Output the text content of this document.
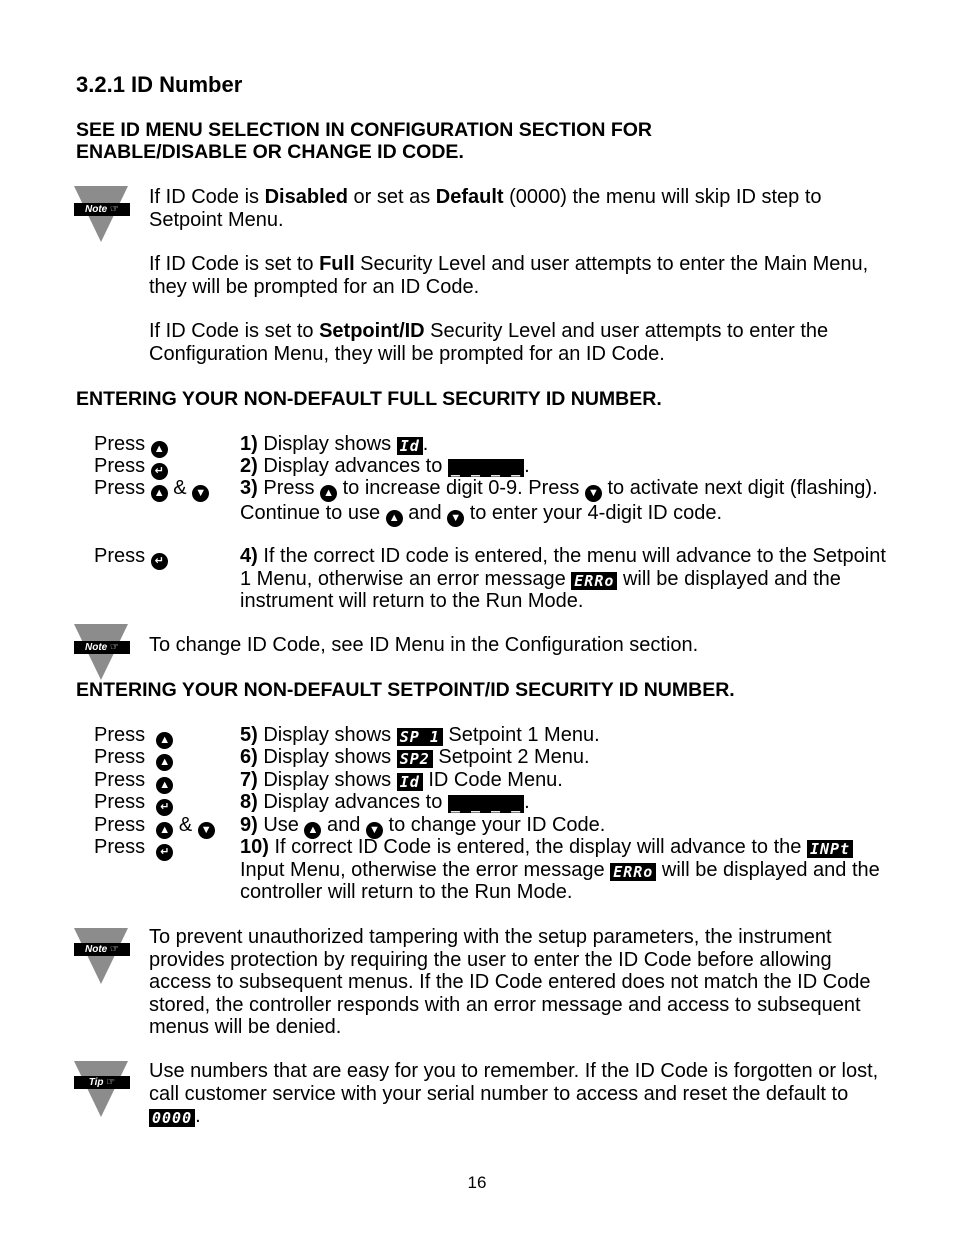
3.2.1 ID Number
SEE ID MENU SELECTION IN CONFIGURATION SECTION FOR
ENABLE/DISABLE OR CHANGE ID CODE.
Note ☞
If ID Code is Disabled or set as Default (0000) the menu will skip ID step to Setpoint Menu.
If ID Code is set to Full Security Level and user attempts to enter the Main Menu, they will be prompted for an ID Code.
If ID Code is set to Setpoint/ID Security Level and user attempts to enter the Configuration Menu, they will be prompted for an ID Code.
ENTERING YOUR NON-DEFAULT FULL SECURITY ID NUMBER.
Press ▲	1) Display shows Id .
Press ↵	2) Display advances to _ _ _ _ .
Press ▲ & ▼ 3) Press ▲ to increase digit 0-9. Press ▼ to activate next digit (flashing). Continue to use ▲ and ▼ to enter your 4-digit ID code.
Press ↵	4) If the correct ID code is entered, the menu will advance to the Setpoint 1 Menu, otherwise an error message ERRo will be displayed and the instrument will return to the Run Mode.
Note ☞	To change ID Code, see ID Menu in the Configuration section.
ENTERING YOUR NON-DEFAULT SETPOINT/ID SECURITY ID NUMBER.
Press ▲	5) Display shows SP 1 Setpoint 1 Menu.
Press ▲	6) Display shows SP2 Setpoint 2 Menu.
Press ▲	7) Display shows Id ID Code Menu.
Press ↵	8) Display advances to _ _ _ _ .
Press ▲ & ▼ 9) Use ▲ and ▼ to change your ID Code.
Press ↵	10) If correct ID Code is entered, the display will advance to the INPt Input Menu, otherwise the error message ERRo will be displayed and the controller will return to the Run Mode.
Note ☞
To prevent unauthorized tampering with the setup parameters, the instrument provides protection by requiring the user to enter the ID Code before allowing access to subsequent menus. If the ID Code entered does not match the ID Code stored, the controller responds with an error message and access to subsequent menus will be denied.
Tip ☞
Use numbers that are easy for you to remember. If the ID Code is forgotten or lost, call customer service with your serial number to access and reset the default to 0000 .
16
